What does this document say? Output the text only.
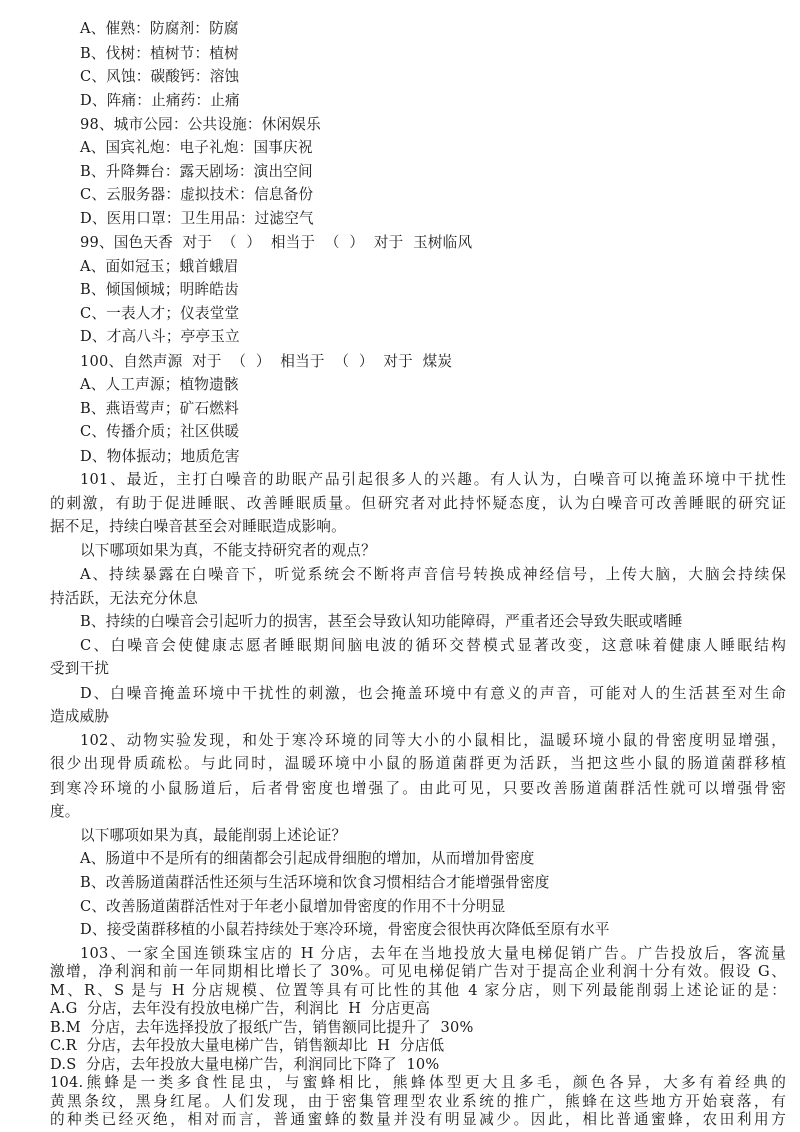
A、催熟：防腐剂：防腐
B、伐树：植树节：植树
C、风蚀：碳酸钙：溶蚀
D、阵痛：止痛药：止痛
98、城市公园：公共设施：休闲娱乐
A、国宾礼炮：电子礼炮：国事庆祝
B、升降舞台：露天剧场：演出空间
C、云服务器：虚拟技术：信息备份
D、医用口罩：卫生用品：过滤空气
99、国色天香  对于  （  ）  相当于  （  ）  对于  玉树临风
A、面如冠玉；蛾首蛾眉
B、倾国倾城；明眸皓齿
C、一表人才；仪表堂堂
D、才高八斗；亭亭玉立
100、自然声源  对于  （  ）  相当于  （  ）  对于  煤炭
A、人工声源；植物遗骸
B、燕语莺声；矿石燃料
C、传播介质；社区供暖
D、物体振动；地质危害
101、最近，主打白噪音的助眠产品引起很多人的兴趣。有人认为，白噪音可以掩盖环境中干扰性
的刺激，有助于促进睡眠、改善睡眠质量。但研究者对此持怀疑态度，认为白噪音可改善睡眠的研究证
据不足，持续白噪音甚至会对睡眠造成影响。
以下哪项如果为真，不能支持研究者的观点？
A、持续暴露在白噪音下，听觉系统会不断将声音信号转换成神经信号，上传大脑，大脑会持续保
持活跃，无法充分休息
B、持续的白噪音会引起听力的损害，甚至会导致认知功能障碍，严重者还会导致失眠或嗜睡
C、白噪音会使健康志愿者睡眠期间脑电波的循环交替模式显著改变，这意味着健康人睡眠结构
受到干扰
D、白噪音掩盖环境中干扰性的刺激，也会掩盖环境中有意义的声音，可能对人的生活甚至对生命
造成威胁
102、动物实验发现，和处于寒冷环境的同等大小的小鼠相比，温暖环境小鼠的骨密度明显增强，
很少出现骨质疏松。与此同时，温暖环境中小鼠的肠道菌群更为活跃，当把这些小鼠的肠道菌群移植
到寒冷环境的小鼠肠道后，后者骨密度也增强了。由此可见，只要改善肠道菌群活性就可以增强骨密
度。
以下哪项如果为真，最能削弱上述论证？
A、肠道中不是所有的细菌都会引起成骨细胞的增加，从而增加骨密度
B、改善肠道菌群活性还须与生活环境和饮食习惯相结合才能增强骨密度
C、改善肠道菌群活性对于年老小鼠增加骨密度的作用不十分明显
D、接受菌群移植的小鼠若持续处于寒冷环境，骨密度会很快再次降低至原有水平
103、一家全国连锁珠宝店的 H 分店，去年在当地投放大量电梯促销广告。广告投放后，客流量
激增，净利润和前一年同期相比增长了 30%。可见电梯促销广告对于提高企业利润十分有效。假设 G、
M、R、S 是与 H 分店规模、位置等具有可比性的其他 4 家分店，则下列最能削弱上述论证的是：
A.G  分店，去年没有投放电梯广告，利润比  H  分店更高
B.M  分店，去年选择投放了报纸广告，销售额同比提升了  30%
C.R  分店，去年投放大量电梯广告，销售额却比  H  分店低
D.S  分店，去年投放大量电梯广告，利润同比下降了  10%
104.熊蜂是一类多食性昆虫，与蜜蜂相比，熊蜂体型更大且多毛，颜色各异，大多有着经典的
黄黑条纹，黑身红尾。人们发现，由于密集管理型农业系统的推广，熊蜂在这些地方开始衰落，有
的种类已经灭绝，相对而言，普通蜜蜂的数量并没有明显减少。因此，相比普通蜜蜂，农田利用方
